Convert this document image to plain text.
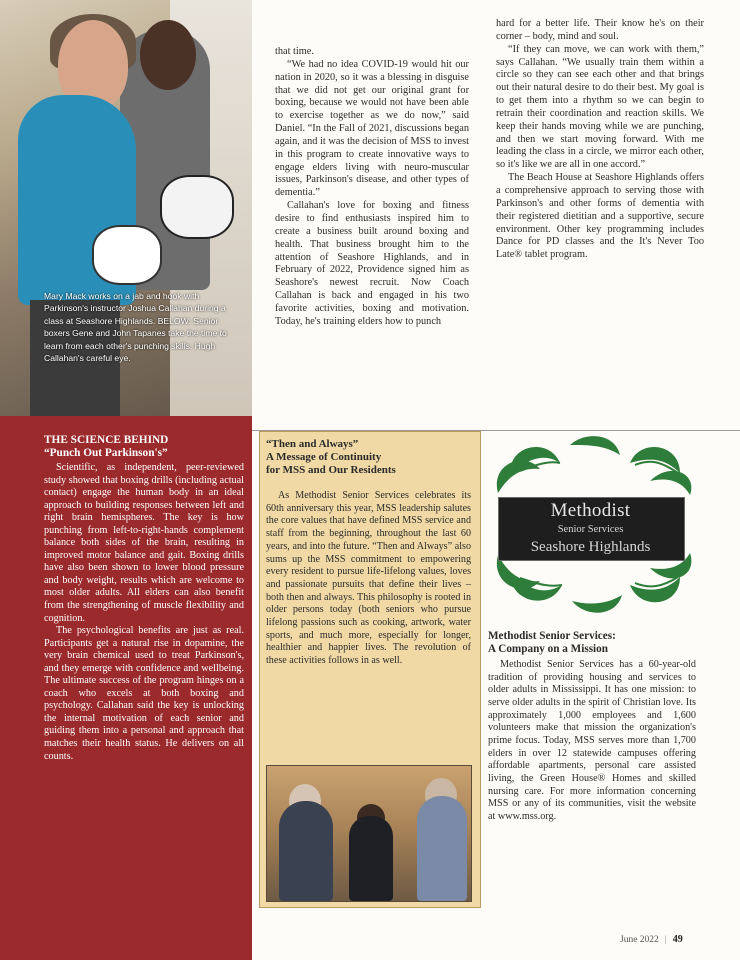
Mary Mack works on a jab and hook with Parkinson's instructor Joshua Callahan during a class at Seashore Highlands. BELOW: Senior boxers Gene and John Tapanes take the time to learn from each other's punching skills. Hugh Callahan's careful eye.

that time.

“We had no idea COVID-19 would hit our nation in 2020, so it was a blessing in disguise that we did not get our original grant for boxing, because we would not have been able to exercise together as we do now,” said Daniel. “In the Fall of 2021, discussions began again, and it was the decision of MSS to invest in this program to create innovative ways to engage elders living with neuro-muscular issues, Parkinson's disease, and other types of dementia.”

Callahan's love for boxing and fitness desire to find enthusiasts inspired him to create a business built around boxing and health. That business brought him to the attention of Seashore Highlands, and in February of 2022, Providence signed him as Seashore's newest recruit. Now Coach Callahan is back and engaged in his two favorite activities, boxing and motivation. Today, he's training elders how to punch

hard for a better life. Their know he's on their corner – body, mind and soul.

“If they can move, we can work with them,” says Callahan. “We usually train them within a circle so they can see each other and that brings out their natural desire to do their best. My goal is to get them into a rhythm so we can begin to retrain their coordination and reaction skills. We keep their hands moving while we are punching, and then we start moving forward. With me leading the class in a circle, we mirror each other, so it's like we are all in one accord.”

The Beach House at Seashore Highlands offers a comprehensive approach to serving those with Parkinson's and other forms of dementia with their registered dietitian and a supportive, secure environment. Other key programming includes Dance for PD classes and the It's Never Too Late® tablet program.

THE SCIENCE BEHIND
“Punch Out Parkinson's”

Scientific, as independent, peer-reviewed study showed that boxing drills (including actual contact) engage the human body in an ideal approach to building responses between left and right brain hemispheres. The key is how punching from left-to-right-hands complement balance both sides of the brain, resulting in improved motor balance and gait. Boxing drills have also been shown to lower blood pressure and body weight, results which are welcome to most older adults. All elders can also benefit from the strengthening of muscle flexibility and cognition.

The psychological benefits are just as real. Participants get a natural rise in dopamine, the very brain chemical used to treat Parkinson's, and they emerge with confidence and wellbeing. The ultimate success of the program hinges on a coach who excels at both boxing and psychology. Callahan said the key is unlocking the internal motivation of each senior and guiding them into a personal and approach that matches their health status. He delivers on all counts.

“Then and Always”
A Message of Continuity
for MSS and Our Residents

As Methodist Senior Services celebrates its 60th anniversary this year, MSS leadership salutes the core values that have defined MSS service and staff from the beginning, throughout the last 60 years, and into the future. “Then and Always” also sums up the MSS commitment to empowering every resident to pursue life-lifelong values, loves and passionate pursuits that define their lives – both then and always. This philosophy is rooted in older persons today (both seniors who pursue lifelong passions such as cooking, artwork, water sports, and much more, especially for longer, healthier and happier lives. The revolution of these activities follows in as well.

Methodist
Senior Services
Seashore Highlands
Methodist Senior Services:
A Company on a Mission

Methodist Senior Services has a 60-year-old tradition of providing housing and services to older adults in Mississippi. It has one mission: to serve older adults in the spirit of Christian love. Its approximately 1,000 employees and 1,600 volunteers make that mission the organization's prime focus. Today, MSS serves more than 1,700 elders in over 12 statewide campuses offering affordable apartments, personal care assisted living, the Green House® Homes and skilled nursing care. For more information concerning MSS or any of its communities, visit the website at www.mss.org.

June 2022 | 49
